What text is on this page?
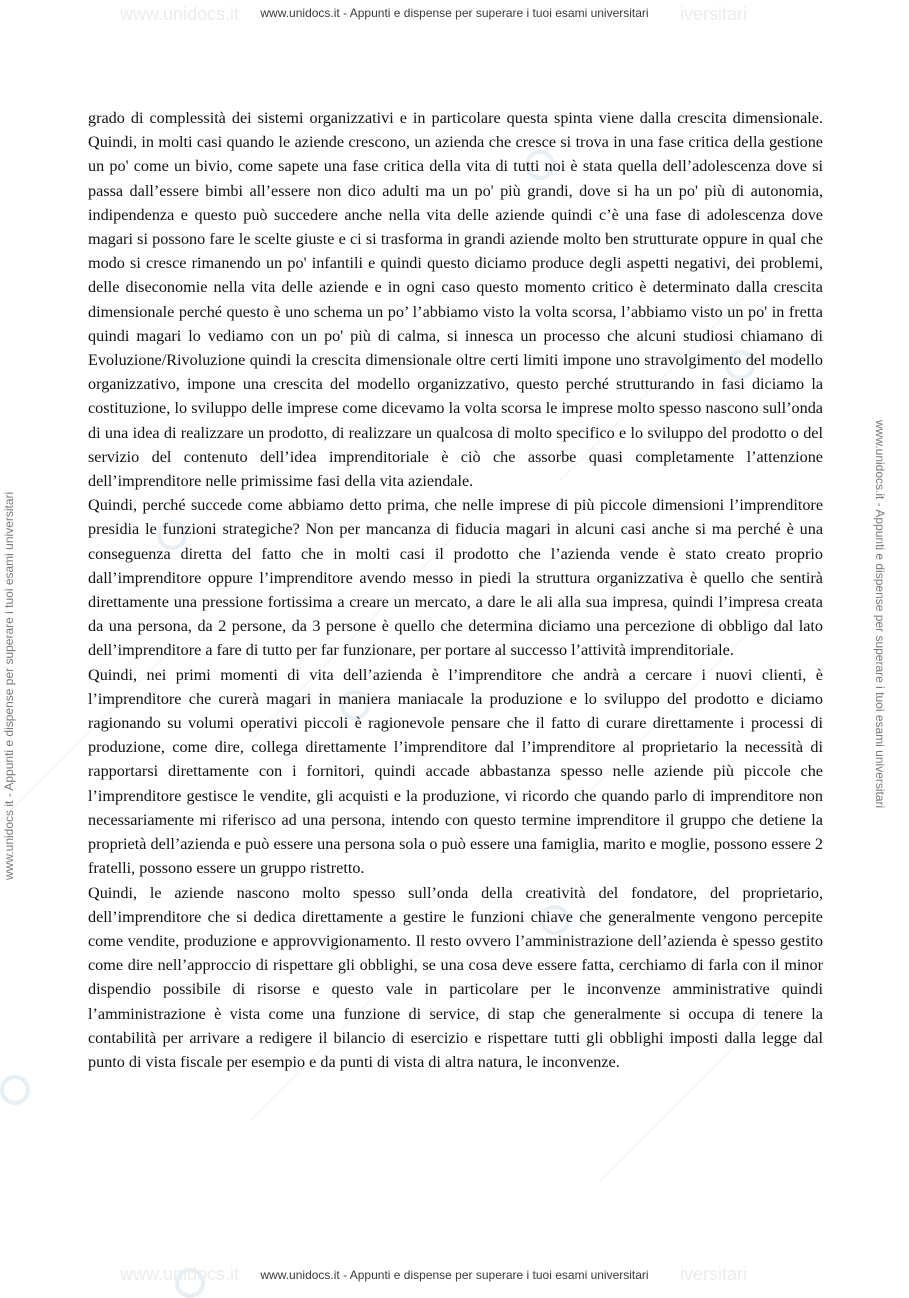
www.unidocs.it	iversitari
www.unidocs.it	iversitari
www.unidocs.it - Appunti e dispense per superare i tuoi esami universitari
www.unidocs.it - Appunti e dispense per superare i tuoi esami universitari
www.unidocs.it - Appunti e dispense per superare i tuoi esami universitari	www.unidocs.it - Appunti e dispense per superare i tuoi esami universitari

grado di complessità dei sistemi organizzativi e in particolare questa spinta viene dalla crescita dimensionale. Quindi, in molti casi quando le aziende crescono, un azienda che cresce si trova in una fase critica della gestione un po' come un bivio, come sapete una fase critica della vita di tutti noi è stata quella dell’adolescenza dove si passa dall’essere bimbi all’essere non dico adulti ma un po' più grandi, dove si ha un po' più di autonomia, indipendenza e questo può succedere anche nella vita delle aziende quindi c’è una fase di adolescenza dove magari si possono fare le scelte giuste e ci si trasforma in grandi aziende molto ben strutturate oppure in qual che modo si cresce rimanendo un po' infantili e quindi questo diciamo produce degli aspetti negativi, dei problemi, delle diseconomie nella vita delle aziende e in ogni caso questo momento critico è determinato dalla crescita dimensionale perché questo è uno schema un po’ l’abbiamo visto la volta scorsa, l’abbiamo visto un po' in fretta quindi magari lo vediamo con un po' più di calma, si innesca un processo che alcuni studiosi chiamano di Evoluzione/Rivoluzione quindi la crescita dimensionale oltre certi limiti impone uno stravolgimento del modello organizzativo, impone una crescita del modello organizzativo, questo perché strutturando in fasi diciamo la costituzione, lo sviluppo delle imprese come dicevamo la volta scorsa le imprese molto spesso nascono sull’onda di una idea di realizzare un prodotto, di realizzare un qualcosa di molto specifico e lo sviluppo del prodotto o del servizio del contenuto dell’idea imprenditoriale è ciò che assorbe quasi completamente l’attenzione dell’imprenditore nelle primissime fasi della vita aziendale.

Quindi, perché succede come abbiamo detto prima, che nelle imprese di più piccole dimensioni l’imprenditore presidia le funzioni strategiche? Non per mancanza di fiducia magari in alcuni casi anche si ma perché è una conseguenza diretta del fatto che in molti casi il prodotto che l’azienda vende è stato creato proprio dall’imprenditore oppure l’imprenditore avendo messo in piedi la struttura organizzativa è quello che sentirà direttamente una pressione fortissima a creare un mercato, a dare le ali alla sua impresa, quindi l’impresa creata da una persona, da 2 persone, da 3 persone è quello che determina diciamo una percezione di obbligo dal lato dell’imprenditore a fare di tutto per far funzionare, per portare al successo l’attività imprenditoriale.

Quindi, nei primi momenti di vita dell’azienda è l’imprenditore che andrà a cercare i nuovi clienti, è l’imprenditore che curerà magari in maniera maniacale la produzione e lo sviluppo del prodotto e diciamo ragionando su volumi operativi piccoli è ragionevole pensare che il fatto di curare direttamente i processi di produzione, come dire, collega direttamente l’imprenditore dal l’imprenditore al proprietario la necessità di rapportarsi direttamente con i fornitori, quindi accade abbastanza spesso nelle aziende più piccole che l’imprenditore gestisce le vendite, gli acquisti e la produzione, vi ricordo che quando parlo di imprenditore non necessariamente mi riferisco ad una persona, intendo con questo termine imprenditore il gruppo che detiene la proprietà dell’azienda e può essere una persona sola o può essere una famiglia, marito e moglie, possono essere 2 fratelli, possono essere un gruppo ristretto.

Quindi, le aziende nascono molto spesso sull’onda della creatività del fondatore, del proprietario, dell’imprenditore che si dedica direttamente a gestire le funzioni chiave che generalmente vengono percepite come vendite, produzione e approvvigionamento. Il resto ovvero l’amministrazione dell’azienda è spesso gestito come dire nell’approccio di rispettare gli obblighi, se una cosa deve essere fatta, cerchiamo di farla con il minor dispendio possibile di risorse e questo vale in particolare per le inconvenze amministrative quindi l’amministrazione è vista come una funzione di service, di stap che generalmente si occupa di tenere la contabilità per arrivare a redigere il bilancio di esercizio e rispettare tutti gli obblighi imposti dalla legge dal punto di vista fiscale per esempio e da punti di vista di altra natura, le inconvenze.
